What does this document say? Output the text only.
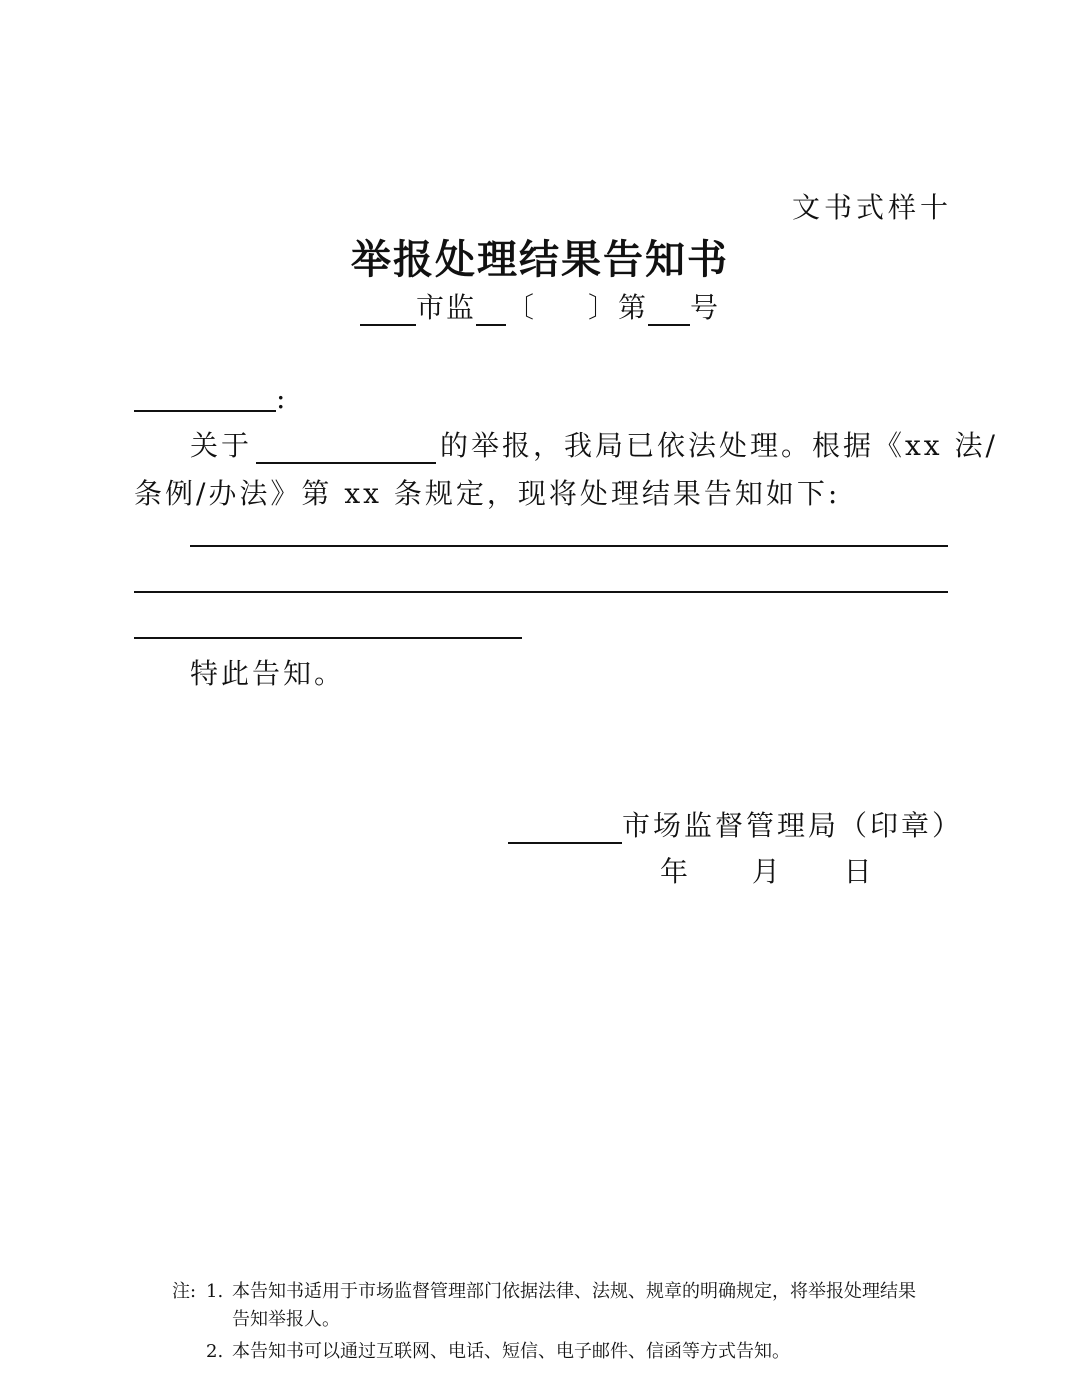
文书式样十
举报处理结果告知书
市监 〔 〕第 号
:
关于	的举报，我局已依法处理。根据《xx 法/
条例/办法》第 xx 条规定，现将处理结果告知如下:
特此告知。
市场监督管理局（印章）
年 月 日
注: 1. 本告知书适用于市场监督管理部门依据法律、法规、规章的明确规定，将举报处理结果
告知举报人。
2. 本告知书可以通过互联网、电话、短信、电子邮件、信函等方式告知。
